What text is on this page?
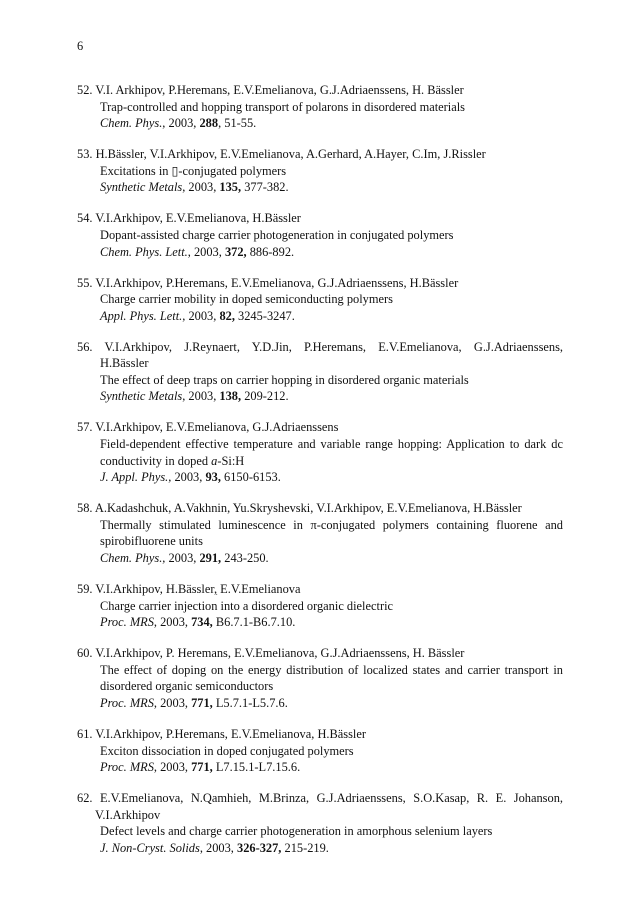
6
52. V.I. Arkhipov, P.Heremans, E.V.Emelianova, G.J.Adriaenssens, H. Bässler
Trap-controlled and hopping transport of polarons in disordered materials
Chem. Phys., 2003, 288, 51-55.
53. H.Bässler, V.I.Arkhipov, E.V.Emelianova, A.Gerhard, A.Hayer, C.Im, J.Rissler
Excitations in ▯-conjugated polymers
Synthetic Metals, 2003, 135, 377-382.
54. V.I.Arkhipov, E.V.Emelianova, H.Bässler
Dopant-assisted charge carrier photogeneration in conjugated polymers
Chem. Phys. Lett., 2003, 372, 886-892.
55. V.I.Arkhipov, P.Heremans, E.V.Emelianova, G.J.Adriaenssens, H.Bässler
Charge carrier mobility in doped semiconducting polymers
Appl. Phys. Lett., 2003, 82, 3245-3247.
56. V.I.Arkhipov, J.Reynaert, Y.D.Jin, P.Heremans, E.V.Emelianova, G.J.Adriaenssens,
H.Bässler
The effect of deep traps on carrier hopping in disordered organic materials
Synthetic Metals, 2003, 138, 209-212.
57. V.I.Arkhipov, E.V.Emelianova, G.J.Adriaenssens
Field-dependent effective temperature and variable range hopping: Application to dark dc
conductivity in doped a-Si:H
J. Appl. Phys., 2003, 93, 6150-6153.
58. A.Kadashchuk, A.Vakhnin, Yu.Skryshevski, V.I.Arkhipov, E.V.Emelianova, H.Bässler
Thermally stimulated luminescence in π-conjugated polymers containing fluorene and
spirobifluorene units
Chem. Phys., 2003, 291, 243-250.
59. V.I.Arkhipov, H.Bässler, E.V.Emelianova
Charge carrier injection into a disordered organic dielectric
Proc. MRS, 2003, 734, B6.7.1-B6.7.10.
60. V.I.Arkhipov, P. Heremans, E.V.Emelianova, G.J.Adriaenssens, H. Bässler
The effect of doping on the energy distribution of localized states and carrier transport in
disordered organic semiconductors
Proc. MRS, 2003, 771, L5.7.1-L5.7.6.
61. V.I.Arkhipov, P.Heremans, E.V.Emelianova, H.Bässler
Exciton dissociation in doped conjugated polymers
Proc. MRS, 2003, 771, L7.15.1-L7.15.6.
62. E.V.Emelianova, N.Qamhieh, M.Brinza, G.J.Adriaenssens, S.O.Kasap, R. E. Johanson,
V.I.Arkhipov
Defect levels and charge carrier photogeneration in amorphous selenium layers
J. Non-Cryst. Solids, 2003, 326-327, 215-219.
